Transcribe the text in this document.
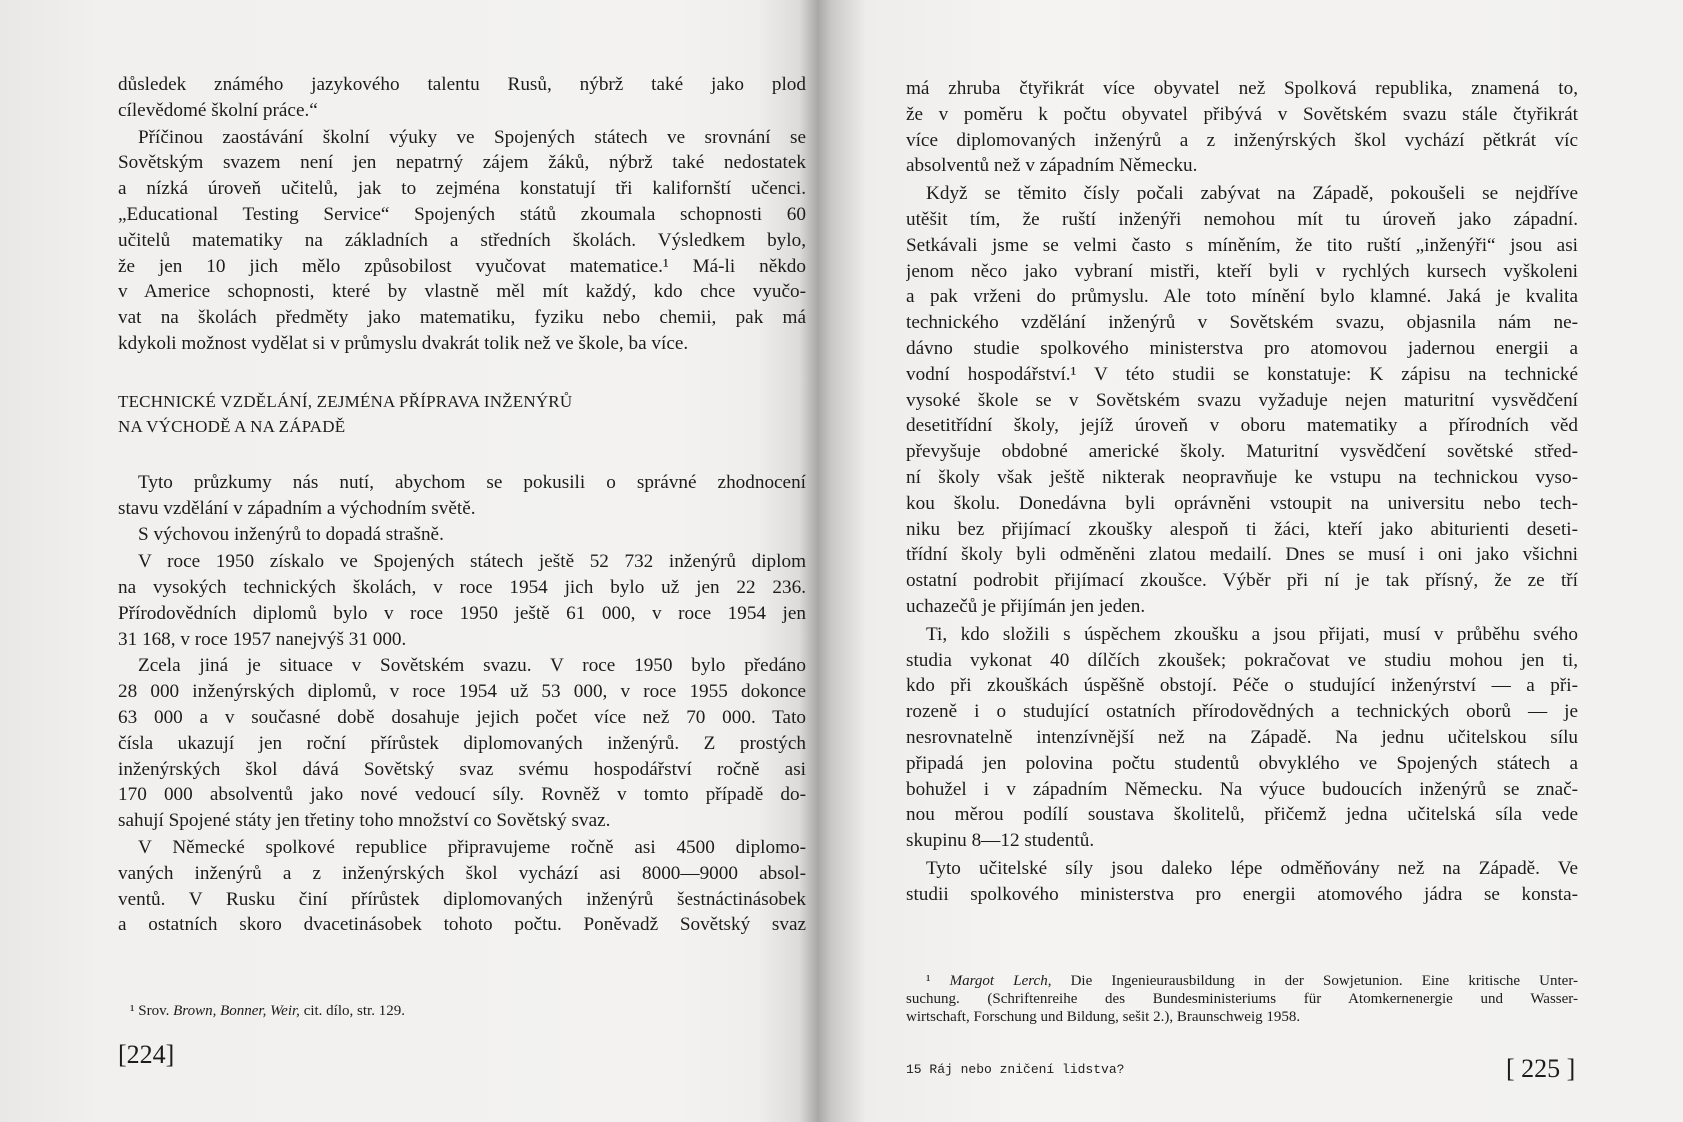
důsledek známého jazykového talentu Rusů, nýbrž také jako plod
cílevědomé školní práce.“
Příčinou zaostávání školní výuky ve Spojených státech ve srovnání se
Sovětským svazem není jen nepatrný zájem žáků, nýbrž také nedostatek
a nízká úroveň učitelů, jak to zejména konstatují tři kalifornští učenci.
„Educational Testing Service“ Spojených států zkoumala schopnosti 60
učitelů matematiky na základních a středních školách. Výsledkem bylo,
že jen 10 jich mělo způsobilost vyučovat matematice.¹ Má-li někdo
v Americe schopnosti, které by vlastně měl mít každý, kdo chce vyučo-
vat na školách předměty jako matematiku, fyziku nebo chemii, pak má
kdykoli možnost vydělat si v průmyslu dvakrát tolik než ve škole, ba více.
TECHNICKÉ VZDĚLÁNÍ, ZEJMÉNA PŘÍPRAVA INŽENÝRŮ
NA VÝCHODĚ A NA ZÁPADĚ
Tyto průzkumy nás nutí, abychom se pokusili o správné zhodnocení
stavu vzdělání v západním a východním světě.
S výchovou inženýrů to dopadá strašně.
V roce 1950 získalo ve Spojených státech ještě 52 732 inženýrů diplom
na vysokých technických školách, v roce 1954 jich bylo už jen 22 236.
Přírodovědních diplomů bylo v roce 1950 ještě 61 000, v roce 1954 jen
31 168, v roce 1957 nanejvýš 31 000.
Zcela jiná je situace v Sovětském svazu. V roce 1950 bylo předáno
28 000 inženýrských diplomů, v roce 1954 už 53 000, v roce 1955 dokonce
63 000 a v současné době dosahuje jejich počet více než 70 000. Tato
čísla ukazují jen roční přírůstek diplomovaných inženýrů. Z prostých
inženýrských škol dává Sovětský svaz svému hospodářství ročně asi
170 000 absolventů jako nové vedoucí síly. Rovněž v tomto případě do-
sahují Spojené státy jen třetiny toho množství co Sovětský svaz.
V Německé spolkové republice připravujeme ročně asi 4500 diplomo-
vaných inženýrů a z inženýrských škol vychází asi 8000—9000 absol-
ventů. V Rusku činí přírůstek diplomovaných inženýrů šestnáctinásobek
a ostatních skoro dvacetinásobek tohoto počtu. Poněvadž Sovětský svaz
¹ Srov. Brown, Bonner, Weir, cit. dílo, str. 129.
[224]
má zhruba čtyřikrát více obyvatel než Spolková republika, znamená to,
že v poměru k počtu obyvatel přibývá v Sovětském svazu stále čtyřikrát
více diplomovaných inženýrů a z inženýrských škol vychází pětkrát víc
absolventů než v západním Německu.
Když se těmito čísly počali zabývat na Západě, pokoušeli se nejdříve
utěšit tím, že ruští inženýři nemohou mít tu úroveň jako západní.
Setkávali jsme se velmi často s míněním, že tito ruští „inženýři“ jsou asi
jenom něco jako vybraní mistři, kteří byli v rychlých kursech vyškoleni
a pak vrženi do průmyslu. Ale toto mínění bylo klamné. Jaká je kvalita
technického vzdělání inženýrů v Sovětském svazu, objasnila nám ne-
dávno studie spolkového ministerstva pro atomovou jadernou energii a
vodní hospodářství.¹ V této studii se konstatuje: K zápisu na technické
vysoké škole se v Sovětském svazu vyžaduje nejen maturitní vysvědčení
desetitřídní školy, jejíž úroveň v oboru matematiky a přírodních věd
převyšuje obdobné americké školy. Maturitní vysvědčení sovětské střed-
ní školy však ještě nikterak neopravňuje ke vstupu na technickou vyso-
kou školu. Donedávna byli oprávněni vstoupit na universitu nebo tech-
niku bez přijímací zkoušky alespoň ti žáci, kteří jako abiturienti deseti-
třídní školy byli odměněni zlatou medailí. Dnes se musí i oni jako všichni
ostatní podrobit přijímací zkoušce. Výběr při ní je tak přísný, že ze tří
uchazečů je přijímán jen jeden.
Ti, kdo složili s úspěchem zkoušku a jsou přijati, musí v průběhu svého
studia vykonat 40 dílčích zkoušek; pokračovat ve studiu mohou jen ti,
kdo při zkouškách úspěšně obstojí. Péče o studující inženýrství — a při-
rozeně i o studující ostatních přírodovědných a technických oborů — je
nesrovnatelně intenzívnější než na Západě. Na jednu učitelskou sílu
připadá jen polovina počtu studentů obvyklého ve Spojených státech a
bohužel i v západním Německu. Na výuce budoucích inženýrů se znač-
nou měrou podílí soustava školitelů, přičemž jedna učitelská síla vede
skupinu 8—12 studentů.
Tyto učitelské síly jsou daleko lépe odměňovány než na Západě. Ve
studii spolkového ministerstva pro energii atomového jádra se konsta-
¹ Margot Lerch, Die Ingenieurausbildung in der Sowjetunion. Eine kritische Unter-
suchung. (Schriftenreihe des Bundesministeriums für Atomkernenergie und Wasser-
wirtschaft, Forschung und Bildung, sešit 2.), Braunschweig 1958.
15 Ráj nebo zničení lidstva?	[ 225 ]
